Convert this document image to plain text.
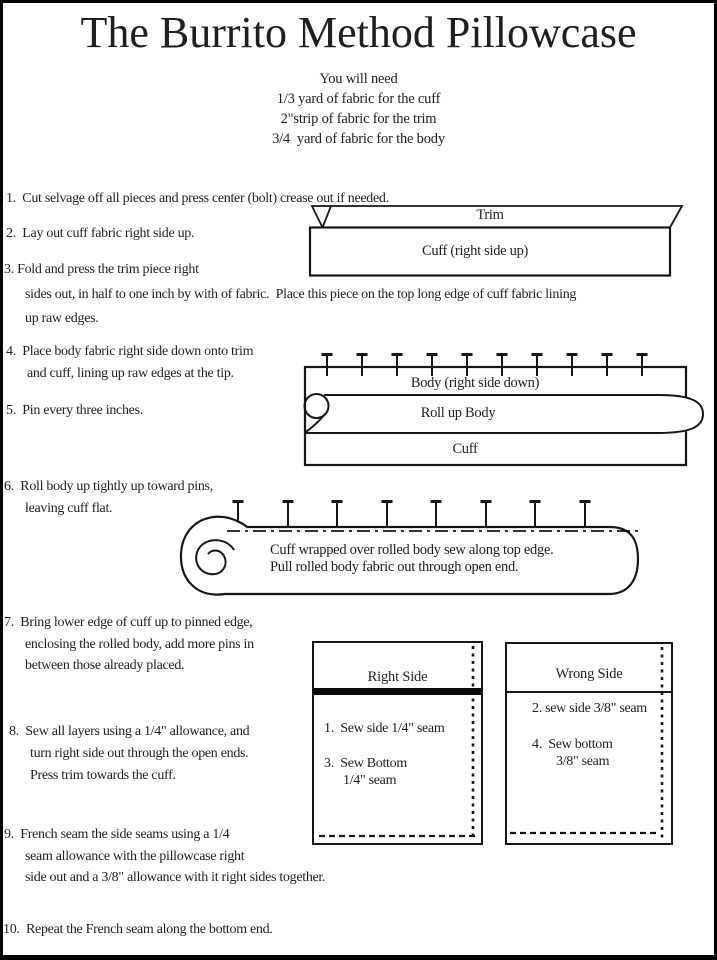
The Burrito Method Pillowcase
You will need
1/3 yard of fabric for the cuff
2"strip of fabric for the trim
3/4  yard of fabric for the body
1.  Cut selvage off all pieces and press center (bolt) crease out if needed.
2.  Lay out cuff fabric right side up.
3. Fold and press the trim piece right
sides out, in half to one inch by with of fabric.  Place this piece on the top long edge of cuff fabric lining
up raw edges.
4.  Place body fabric right side down onto trim
and cuff, lining up raw edges at the tip.
5.  Pin every three inches.
6.  Roll body up tightly up toward pins,
leaving cuff flat.
7.  Bring lower edge of cuff up to pinned edge,
enclosing the rolled body, add more pins in
between those already placed.
8.  Sew all layers using a 1/4" allowance, and
turn right side out through the open ends.
Press trim towards the cuff.
9.  French seam the side seams using a 1/4
seam allowance with the pillowcase right
side out and a 3/8" allowance with it right sides together.
10.  Repeat the French seam along the bottom end.
Trim
Cuff (right side up)
Body (right side down)
Roll up Body
Cuff
Cuff wrapped over rolled body sew along top edge.
Pull rolled body fabric out through open end.
Right Side
1.  Sew side 1/4" seam
3.  Sew Bottom
1/4" seam
Wrong Side
2. sew side 3/8" seam
4.  Sew bottom
3/8" seam
